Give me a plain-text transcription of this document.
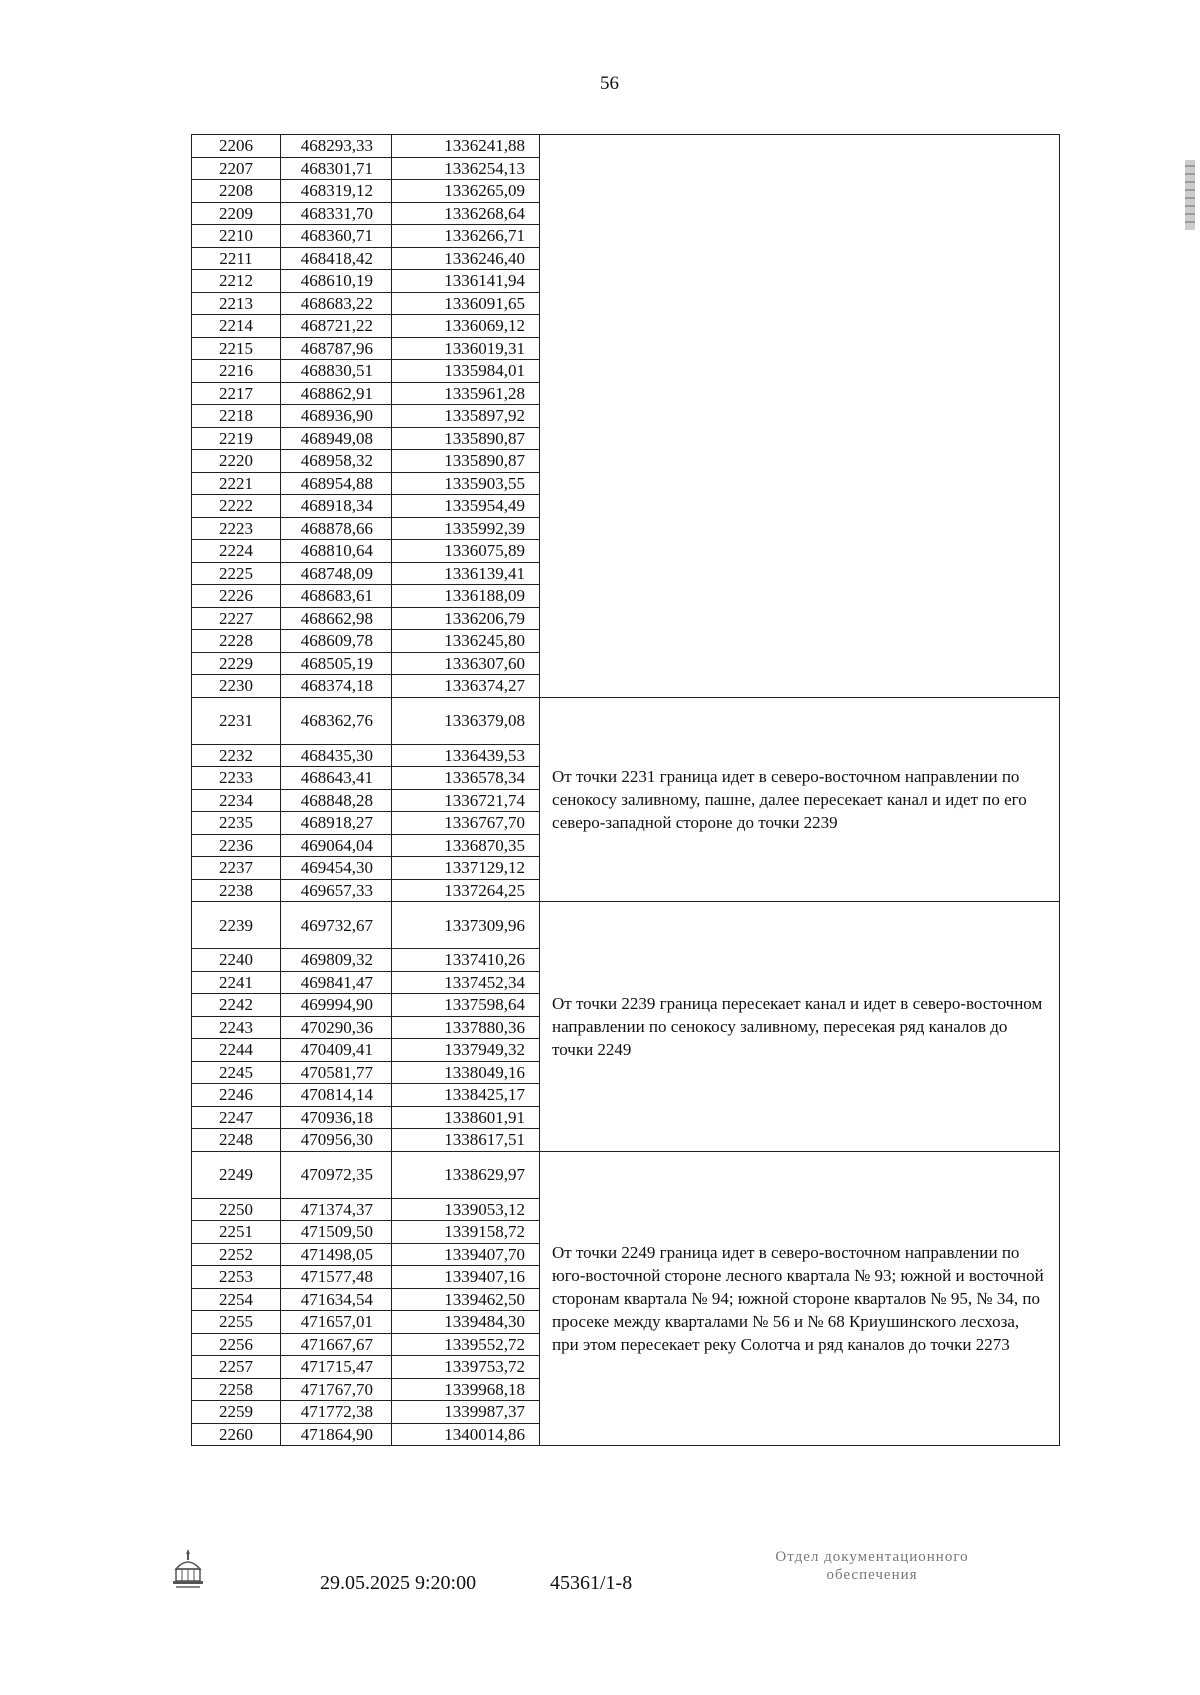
56
2206	468293,33	1336241,88	
2207	468301,71	1336254,13	
2208	468319,12	1336265,09	
2209	468331,70	1336268,64	
2210	468360,71	1336266,71	
2211	468418,42	1336246,40	
2212	468610,19	1336141,94	
2213	468683,22	1336091,65	
2214	468721,22	1336069,12	
2215	468787,96	1336019,31	
2216	468830,51	1335984,01	
2217	468862,91	1335961,28	
2218	468936,90	1335897,92	
2219	468949,08	1335890,87	
2220	468958,32	1335890,87	
2221	468954,88	1335903,55	
2222	468918,34	1335954,49	
2223	468878,66	1335992,39	
2224	468810,64	1336075,89	
2225	468748,09	1336139,41	
2226	468683,61	1336188,09	
2227	468662,98	1336206,79	
2228	468609,78	1336245,80	
2229	468505,19	1336307,60	
2230	468374,18	1336374,27	
2231	468362,76	1336379,08	От точки 2231 граница идет в северо-восточном направлении по сенокосу заливному, пашне, далее пересекает канал и идет по его северо-западной стороне до точки 2239
2232	468435,30	1336439,53	
2233	468643,41	1336578,34	
2234	468848,28	1336721,74	
2235	468918,27	1336767,70	
2236	469064,04	1336870,35	
2237	469454,30	1337129,12	
2238	469657,33	1337264,25	
2239	469732,67	1337309,96	От точки 2239 граница пересекает канал и идет в северо-восточном направлении по сенокосу заливному, пересекая ряд каналов до точки 2249
2240	469809,32	1337410,26	
2241	469841,47	1337452,34	
2242	469994,90	1337598,64	
2243	470290,36	1337880,36	
2244	470409,41	1337949,32	
2245	470581,77	1338049,16	
2246	470814,14	1338425,17	
2247	470936,18	1338601,91	
2248	470956,30	1338617,51	
2249	470972,35	1338629,97	От точки 2249 граница идет в северо-восточном направлении по юго-восточной стороне лесного квартала № 93; южной и восточной сторонам квартала № 94; южной стороне кварталов № 95, № 34, по просеке между кварталами № 56 и № 68 Криушинского лесхоза, при этом пересекает реку Солотча и ряд каналов до точки 2273
2250	471374,37	1339053,12	
2251	471509,50	1339158,72	
2252	471498,05	1339407,70	
2253	471577,48	1339407,16	
2254	471634,54	1339462,50	
2255	471657,01	1339484,30	
2256	471667,67	1339552,72	
2257	471715,47	1339753,72	
2258	471767,70	1339968,18	
2259	471772,38	1339987,37	
2260	471864,90	1340014,86	
29.05.2025 9:20:00	45361/1-8
Отдел документационного
обеспечения
